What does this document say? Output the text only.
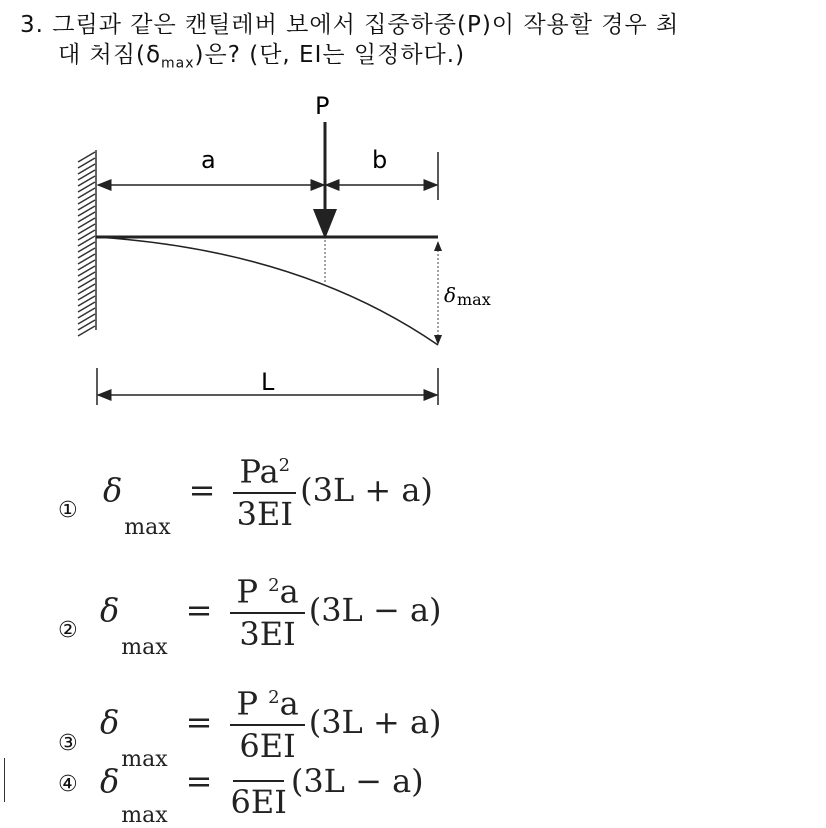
3. 그림과 같은 캔틸레버 보에서 집중하중(P)이 작용할 경우 최
대 처짐$(\delta_{max})$은? (단, EI는 일정하다.)
P
a	b
L
δ max
①
δ
max
= $\frac{Pa^2}{3EI} (3L + a)$
②
δ
max
= $\frac{P ^2a}{3EI} (3L - a)$
④ δ
max
=
6EI
(3L − a)
③
δ
max
= $\frac{P ^2a}{6EI} (3L + a)$
